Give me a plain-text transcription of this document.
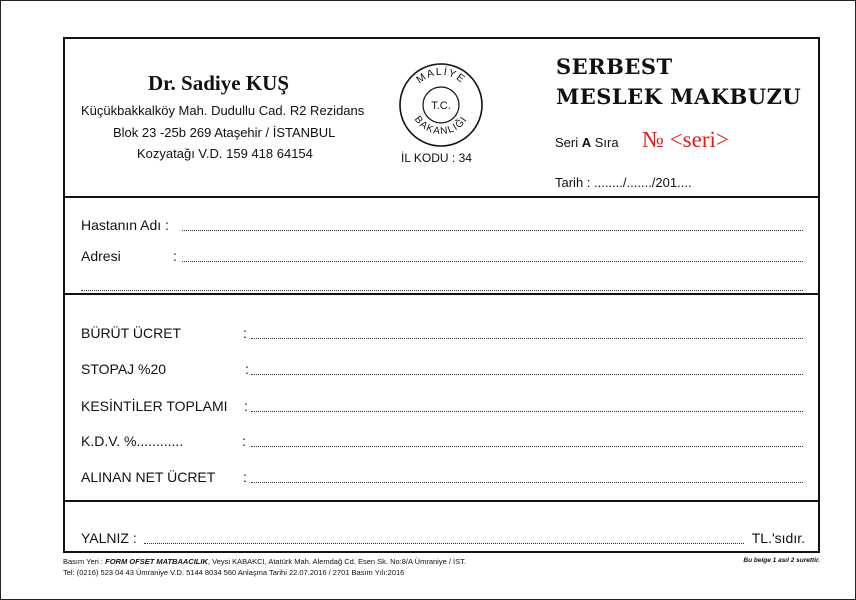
Dr. Sadiye KUŞ
Küçükbakkalköy Mah. Dudullu Cad. R2 Rezidans
Blok 23 -25b 269 Ataşehir / İSTANBUL
Kozyatağı V.D. 159 418 64154
MALİYE
BAKANLIĞI
T.C.
İL KODU : 34
SERBEST
MESLEK MAKBUZU
Seri A Sıra № <seri>
Tarih : ......../......./201....
Hastanın Adı :
Adresi	:
BÜRÜT ÜCRET	:
STOPAJ %20	:
KESİNTİLER TOPLAMI :
K.D.V. %............	:
ALINAN NET ÜCRET :
YALNIZ :	TL.'sıdır.
Basım Yeri : FORM OFSET MATBAACILIK, Veysi KABAKCI, Atatürk Mah. Alemdağ Cd. Esen Sk. No:8/A Ümraniye / İST.
Tel: (0216) 523 04 43 Ümraniye V.D. 5144 8034 560 Anlaşma Tarihi 22.07.2016 / 2701 Basım Yılı:2016
Bu belge 1 asıl 2 surettir.
